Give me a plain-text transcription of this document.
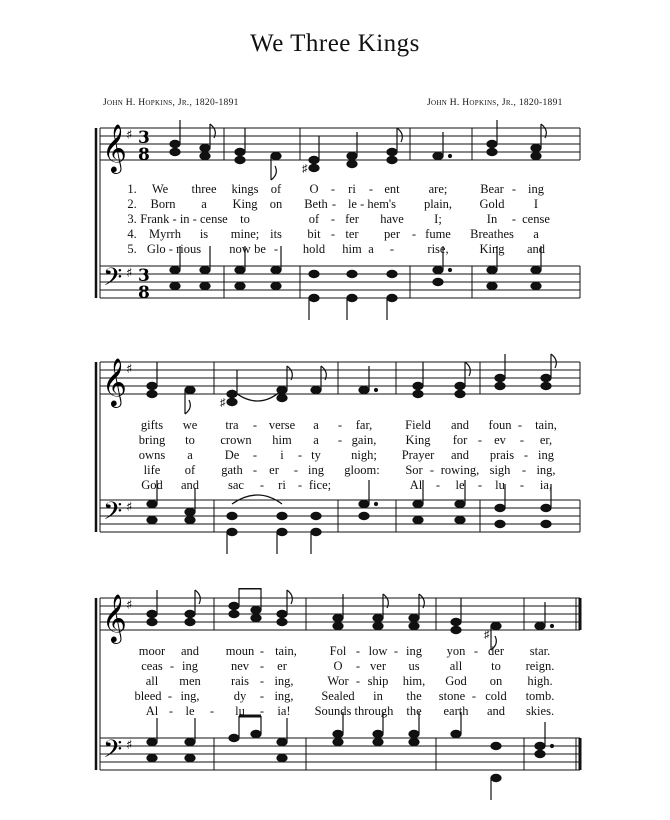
We Three Kings
John H. Hopkins, Jr., 1820-1891	John H. Hopkins, Jr., 1820-1891
𝄞
𝄢
♯
♯
3
8
3
8
♯
1. We three kings of O - ri - ent are;	Bear - ing
2. Born a King on Beth - le - hem's plain, Gold I
3. Frank - in - cense to	of - fer have I;	In - cense
4. Myrrh is mine; its bit - ter per - fume Breathes a
5. Glo - rious now be - hold him a -	rise, King and
𝄞
𝄢
♯
♯
♯
gifts we tra - verse a - far,	Field and foun - tain,
bring to crown him a - gain, King for - ev - er,
owns a	De - i - ty nigh; Prayer and prais - ing
life of gath - er - ing gloom: Sor - rowing, sigh - ing,
God and sac - ri - fice;	Al - le - lu - ia,
𝄞
𝄢
♯
♯
♯
moor and moun - tain,	Fol - low - ing yon - der star.
ceas - ing	nev - er	O - ver us all to reign.
all men rais - ing,	Wor - ship him, God on high.
bleed - ing,	dy - ing, Sealed in the stone - cold tomb.
Al - le - lu - ia! Sounds through the earth and skies.
